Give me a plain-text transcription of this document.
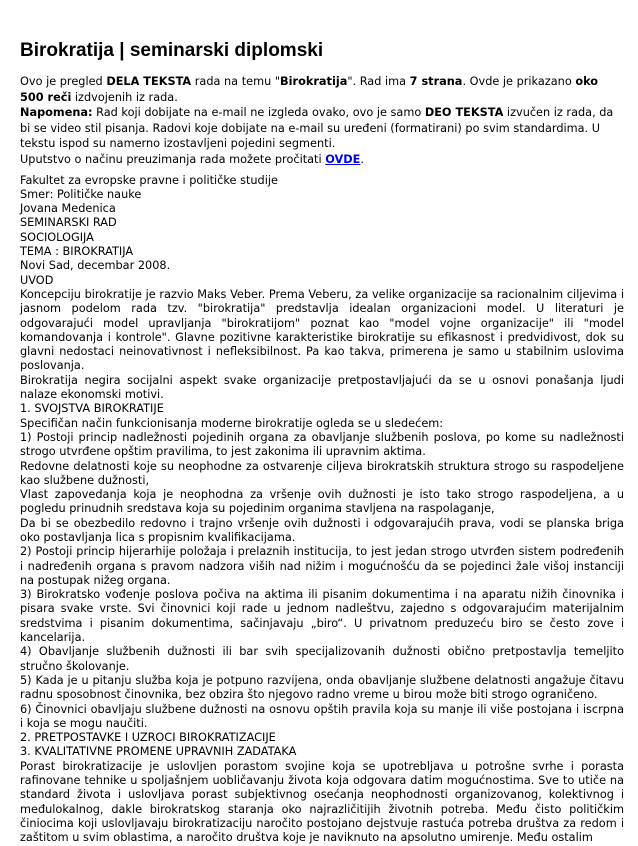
Birokratija | seminarski diplomski

Ovo je pregled DELA TEKSTA rada na temu "Birokratija". Rad ima 7 strana. Ovde je prikazano oko 500 reči izdvojenih iz rada.

Napomena: Rad koji dobijate na e-mail ne izgleda ovako, ovo je samo DEO TEKSTA izvučen iz rada, da bi se video stil pisanja. Radovi koje dobijate na e-mail su uređeni (formatirani) po svim standardima. U tekstu ispod su namerno izostavljeni pojedini segmenti.

Uputstvo o načinu preuzimanja rada možete pročitati OVDE.

Fakultet za evropske pravne i političke studije
Smer: Političke nauke
Jovana Medenica
SEMINARSKI RAD
SOCIOLOGIJA
TEMA : BIROKRATIJA
Novi Sad, decembar 2008.
UVOD
Koncepciju birokratije je razvio Maks Veber. Prema Veberu, za velike organizacije sa racionalnim ciljevima i jasnom podelom rada tzv. "birokratija" predstavlja idealan organizacioni model. U literaturi je odgovarajući model upravljanja "birokratijom" poznat kao "model vojne organizacije" ili "model komandovanja i kontrole". Glavne pozitivne karakteristike birokratije su efikasnost i predvidivost, dok su glavni nedostaci neinovativnost i nefleksibilnost. Pa kao takva, primerena je samo u stabilnim uslovima poslovanja.
Birokratija negira socijalni aspekt svake organizacije pretpostavljajući da se u osnovi ponašanja ljudi nalaze ekonomski motivi.
1. SVOJSTVA BIROKRATIJE
Specifičan način funkcionisanja moderne birokratije ogleda se u sledećem:
1) Postoji princip nadležnosti pojedinih organa za obavljanje službenih poslova, po kome su nadležnosti strogo utvrđene opštim pravilima, to jest zakonima ili upravnim aktima.
Redovne delatnosti koje su neophodne za ostvarenje ciljeva birokratskih struktura strogo su raspodeljene kao službene dužnosti,
Vlast zapovedanja koja je neophodna za vršenje ovih dužnosti je isto tako strogo raspodeljena, a u pogledu prinudnih sredstava koja su pojedinim organima stavljena na raspolaganje,
Da bi se obezbedilo redovno i trajno vršenje ovih dužnosti i odgovarajućih prava, vodi se planska briga oko postavljanja lica s propisnim kvalifikacijama.
2) Postoji princip hijerarhije položaja i prelaznih institucija, to jest jedan strogo utvrđen sistem podređenih i nadređenih organa s pravom nadzora viših nad nižim i mogućnošću da se pojedinci žale višoj instanciji na postupak nižeg organa.
3) Birokratsko vođenje poslova počiva na aktima ili pisanim dokumentima i na aparatu nižih činovnika i pisara svake vrste. Svi činovnici koji rade u jednom nadleštvu, zajedno s odgovarajućim materijalnim sredstvima i pisanim dokumentima, sačinjavaju „biro“. U privatnom preduzeću biro se često zove i kancelarija.
4) Obavljanje službenih dužnosti ili bar svih specijalizovanih dužnosti obično pretpostavlja temeljito stručno školovanje.
5) Kada je u pitanju služba koja je potpuno razvijena, onda obavljanje službene delatnosti angažuje čitavu radnu sposobnost činovnika, bez obzira što njegovo radno vreme u birou može biti strogo ograničeno.
6) Činovnici obavljaju službene dužnosti na osnovu opštih pravila koja su manje ili više postojana i iscrpna i koja se mogu naučiti.
2. PRETPOSTAVKE I UZROCI BIROKRATIZACIJE
3. KVALITATIVNE PROMENE UPRAVNIH ZADATAKA
Porast birokratizacije je uslovljen porastom svojine koja se upotrebljava u potrošne svrhe i porasta rafinovane tehnike u spoljašnjem uobličavanju života koja odgovara datim mogućnostima. Sve to utiče na standard života i uslovljava porast subjektivnog osećanja neophodnosti organizovanog, kolektivnog i međulokalnog, dakle birokratskog staranja oko najrazličitijih životnih potreba. Među čisto političkim činiocima koji uslovljavaju birokratizaciju naročito postojano dejstvuje rastuća potreba društva za redom i zaštitom u svim oblastima, a naročito društva koje je naviknuto na apsolutno umirenje. Među ostalim
